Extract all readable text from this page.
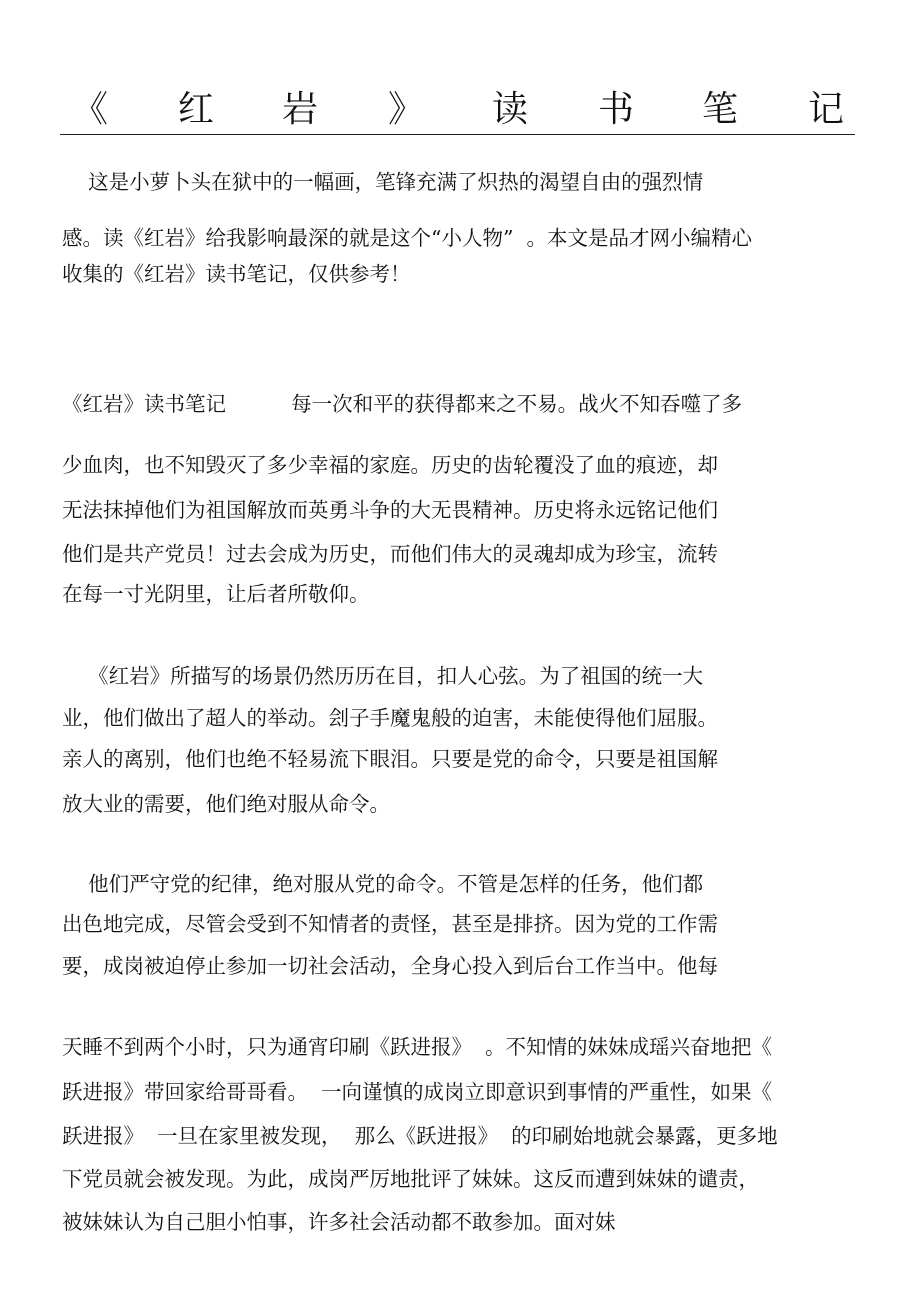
《 红 岩 》 读 书 笔 记
这是小萝卜头在狱中的一幅画，笔锋充满了炽热的渴望自由的强烈情
感。读《红岩》给我影响最深的就是这个“小人物”  。本文是品才网小编精心
收集的《红岩》读书笔记，仅供参考！
《红岩》读书笔记          每一次和平的获得都来之不易。战火不知吞噬了多
少血肉，也不知毁灭了多少幸福的家庭。历史的齿轮覆没了血的痕迹，却
无法抹掉他们为祖国解放而英勇斗争的大无畏精神。历史将永远铭记他们
他们是共产党员！过去会成为历史，而他们伟大的灵魂却成为珍宝，流转
在每一寸光阴里，让后者所敬仰。
《红岩》所描写的场景仍然历历在目，扣人心弦。为了祖国的统一大
业，他们做出了超人的举动。刽子手魔鬼般的迫害，未能使得他们屈服。
亲人的离别，他们也绝不轻易流下眼泪。只要是党的命令，只要是祖国解
放大业的需要，他们绝对服从命令。
他们严守党的纪律，绝对服从党的命令。不管是怎样的任务，他们都
出色地完成，尽管会受到不知情者的责怪，甚至是排挤。因为党的工作需
要，成岗被迫停止参加一切社会活动，全身心投入到后台工作当中。他每
天睡不到两个小时，只为通宵印刷《跃进报》  。不知情的妹妹成瑶兴奋地把《
跃进报》带回家给哥哥看。  一向谨慎的成岗立即意识到事情的严重性，如果《
跃进报》  一旦在家里被发现，  那么《跃进报》  的印刷始地就会暴露，更多地
下党员就会被发现。为此，成岗严厉地批评了妹妹。这反而遭到妹妹的谴责，
被妹妹认为自己胆小怕事，许多社会活动都不敢参加。面对妹
